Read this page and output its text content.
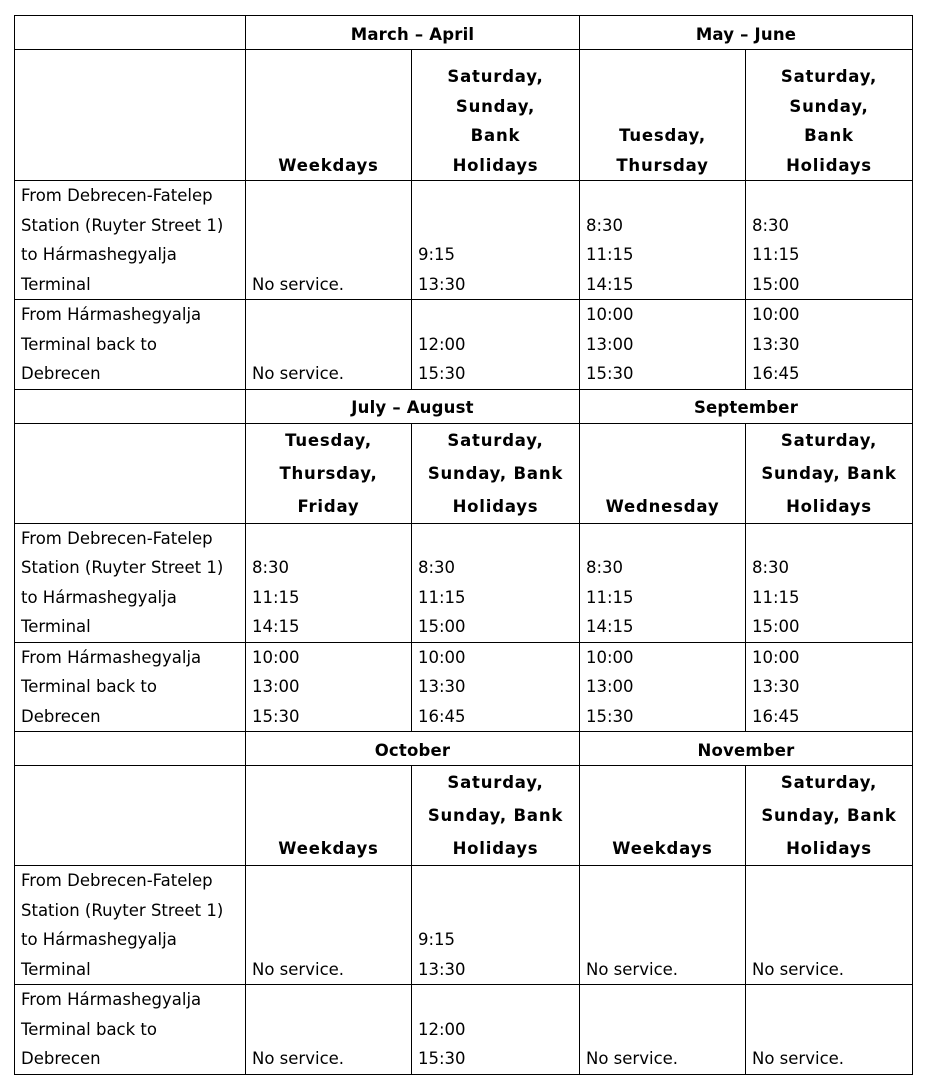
	March – April		May – June	

	Weekdays	Saturday,
Sunday,
Bank
Holidays	Tuesday,
Thursday	Saturday,
Sunday,
Bank
Holidays

From Debrecen-Fatelep
Station (Ruyter Street 1)
to Hármashegyalja
Terminal	No service.	9:15
13:30	8:30
11:15
14:15	8:30
11:15
15:00

From Hármashegyalja
Terminal back to
Debrecen	No service.	12:00
15:30	10:00
13:00
15:30	10:00
13:30
16:45

	July – August		September	

	Tuesday,
Thursday,
Friday	Saturday,
Sunday, Bank
Holidays	Wednesday	Saturday,
Sunday, Bank
Holidays

From Debrecen-Fatelep
Station (Ruyter Street 1)
to Hármashegyalja
Terminal	8:30
11:15
14:15	8:30
11:15
15:00	8:30
11:15
14:15	8:30
11:15
15:00

From Hármashegyalja
Terminal back to
Debrecen	10:00
13:00
15:30	10:00
13:30
16:45	10:00
13:00
15:30	10:00
13:30
16:45

	October		November	

	Weekdays	Saturday,
Sunday, Bank
Holidays	Weekdays	Saturday,
Sunday, Bank
Holidays

From Debrecen-Fatelep
Station (Ruyter Street 1)
to Hármashegyalja
Terminal	No service.	9:15
13:30	No service.	No service.

From Hármashegyalja
Terminal back to
Debrecen	No service.	12:00
15:30	No service.	No service.
